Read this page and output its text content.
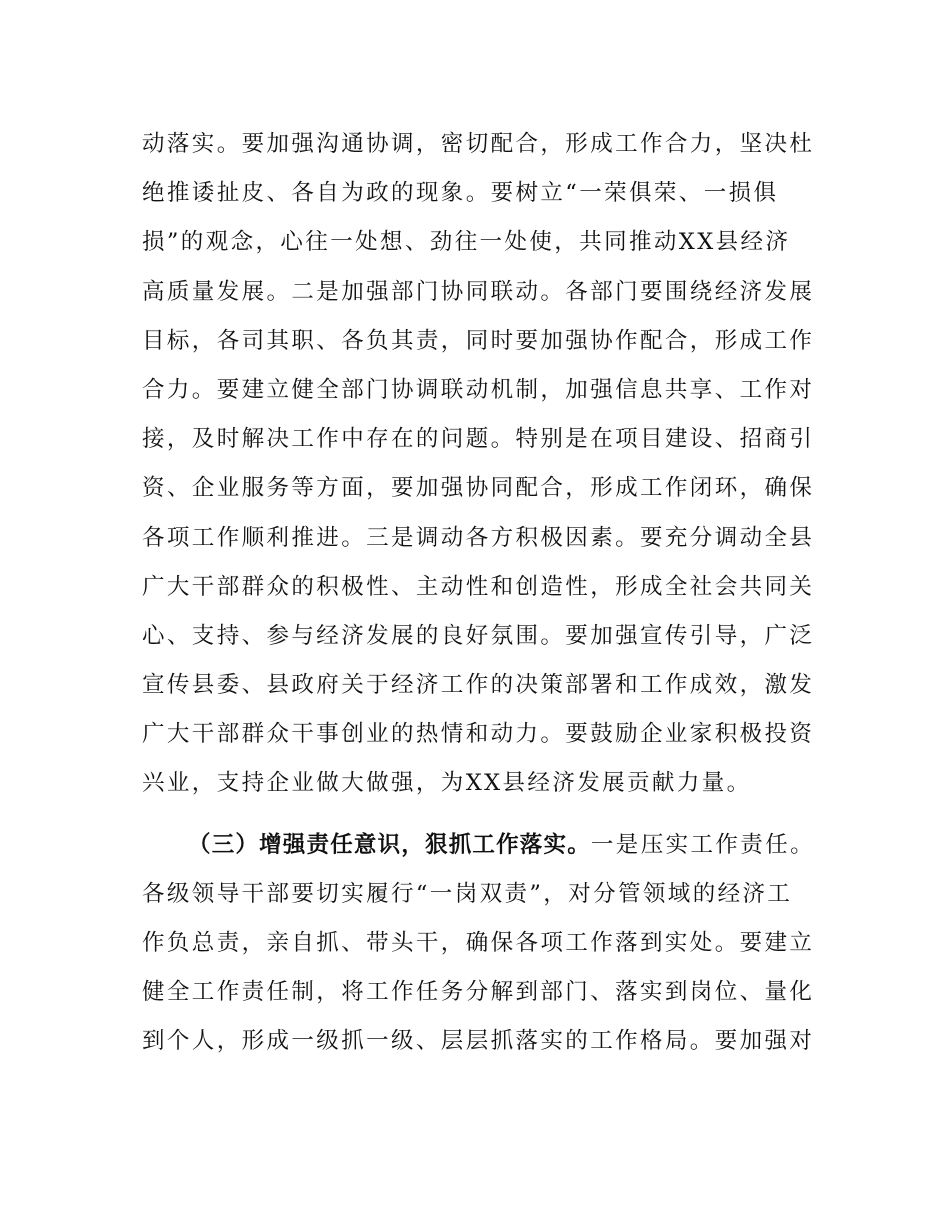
动落实。要加强沟通协调，密切配合，形成工作合力，坚决杜
绝推诿扯皮、各自为政的现象。要树立“一荣俱荣、一损俱
损”的观念，心往一处想、劲往一处使，共同推动XX县经济
高质量发展。二是加强部门协同联动。各部门要围绕经济发展
目标，各司其职、各负其责，同时要加强协作配合，形成工作
合力。要建立健全部门协调联动机制，加强信息共享、工作对
接，及时解决工作中存在的问题。特别是在项目建设、招商引
资、企业服务等方面，要加强协同配合，形成工作闭环，确保
各项工作顺利推进。三是调动各方积极因素。要充分调动全县
广大干部群众的积极性、主动性和创造性，形成全社会共同关
心、支持、参与经济发展的良好氛围。要加强宣传引导，广泛
宣传县委、县政府关于经济工作的决策部署和工作成效，激发
广大干部群众干事创业的热情和动力。要鼓励企业家积极投资
兴业，支持企业做大做强，为XX县经济发展贡献力量。
（三）增强责任意识，狠抓工作落实。一是压实工作责任。
各级领导干部要切实履行“一岗双责”，对分管领域的经济工
作负总责，亲自抓、带头干，确保各项工作落到实处。要建立
健全工作责任制，将工作任务分解到部门、落实到岗位、量化
到个人，形成一级抓一级、层层抓落实的工作格局。要加强对
